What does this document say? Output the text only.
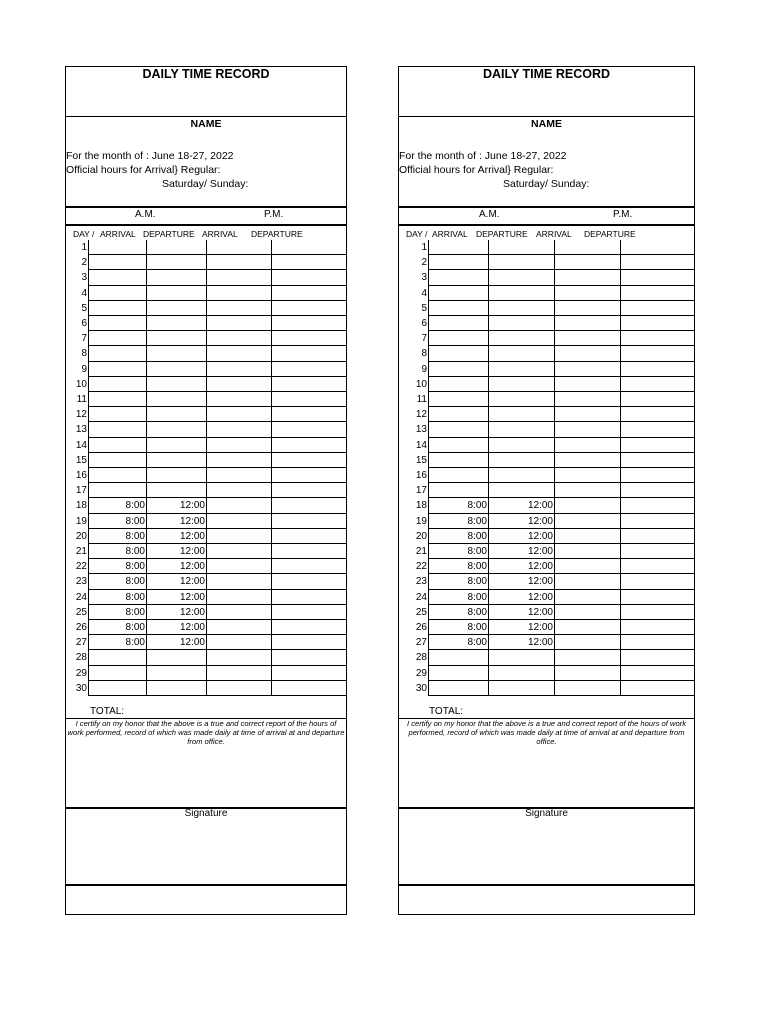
DAILY TIME RECORD
NAME
For the month of : June 18-27, 2022
Official hours for Arrival} Regular:
Saturday/ Sunday:
A.M.	P.M.
DAY / ARRIVAL DEPARTURE ARRIVAL DEPARTURE
1
2
3
4
5
6
7
8
9
10
11
12
13
14
15
16
17
18	8:00	12:00
19	8:00	12:00
20	8:00	12:00
21	8:00	12:00
22	8:00	12:00
23	8:00	12:00
24	8:00	12:00
25	8:00	12:00
26	8:00	12:00
27	8:00	12:00
28
29
30
TOTAL:
I certify on my honor that the above is a true and correct report of the hours of work performed, record of which was made daily at time of arrival at and departure from office.
Signature
DAILY TIME RECORD
NAME
For the month of : June 18-27, 2022
Official hours for Arrival} Regular:
Saturday/ Sunday:
A.M.	P.M.
DAY / ARRIVAL DEPARTURE ARRIVAL DEPARTURE
1
2
3
4
5
6
7
8
9
10
11
12
13
14
15
16
17
18	8:00	12:00
19	8:00	12:00
20	8:00	12:00
21	8:00	12:00
22	8:00	12:00
23	8:00	12:00
24	8:00	12:00
25	8:00	12:00
26	8:00	12:00
27	8:00	12:00
28
29
30
TOTAL:
I certify on my honor that the above is a true and correct report of the hours of work performed, record of which was made daily at time of arrival at and departure from office.
Signature
